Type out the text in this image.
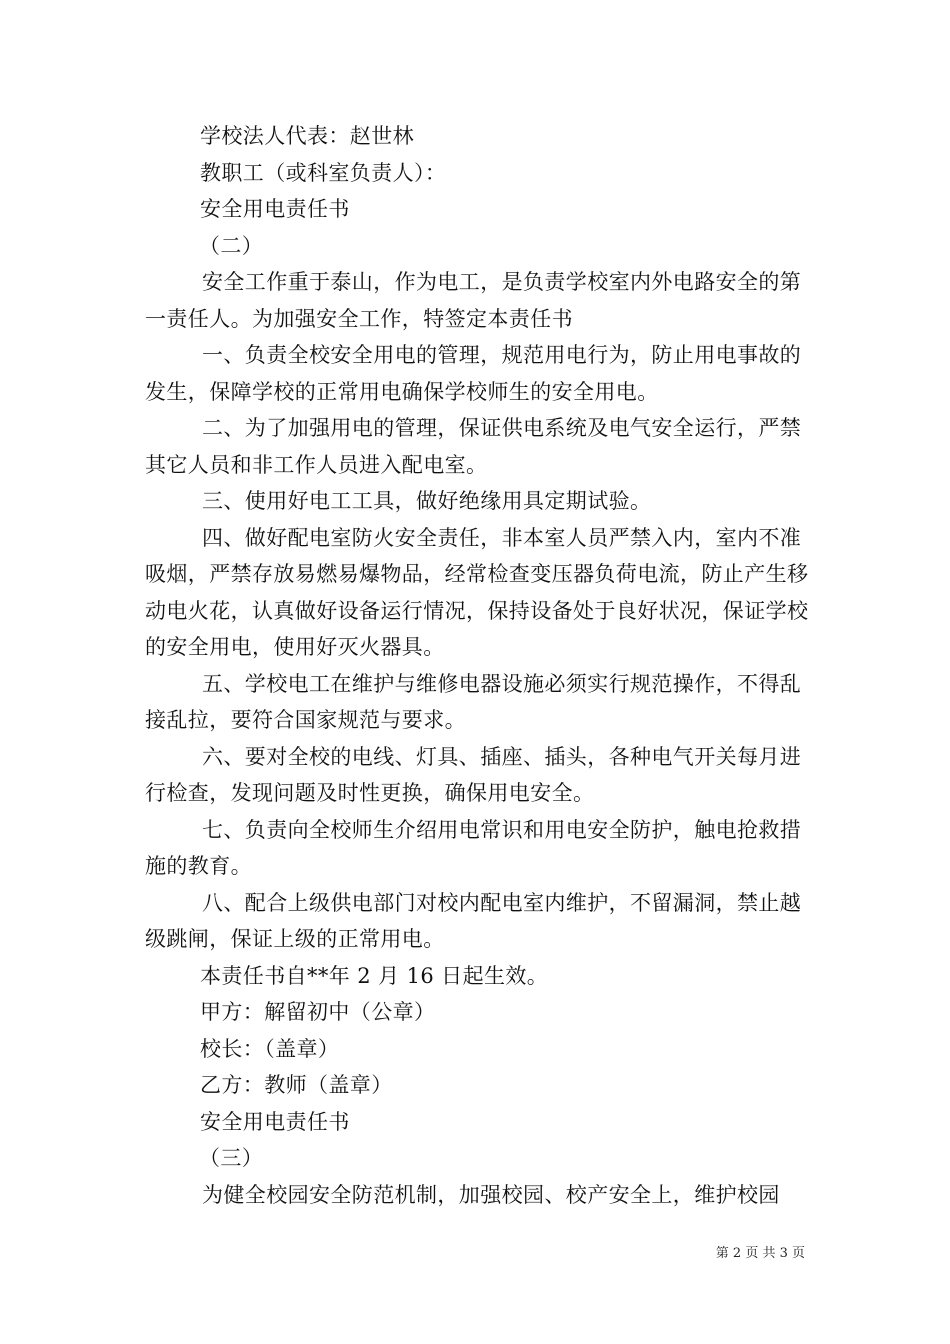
学校法人代表：赵世林

教职工（或科室负责人）：

安全用电责任书

（二）

安全工作重于泰山，作为电工，是负责学校室内外电路安全的第一责任人。为加强安全工作，特签定本责任书

一、负责全校安全用电的管理，规范用电行为，防止用电事故的发生，保障学校的正常用电确保学校师生的安全用电。

二、为了加强用电的管理，保证供电系统及电气安全运行，严禁其它人员和非工作人员进入配电室。

三、使用好电工工具，做好绝缘用具定期试验。

四、做好配电室防火安全责任，非本室人员严禁入内，室内不准吸烟，严禁存放易燃易爆物品，经常检查变压器负荷电流，防止产生移动电火花，认真做好设备运行情况，保持设备处于良好状况，保证学校的安全用电，使用好灭火器具。

五、学校电工在维护与维修电器设施必须实行规范操作，不得乱接乱拉，要符合国家规范与要求。

六、要对全校的电线、灯具、插座、插头，各种电气开关每月进行检查，发现问题及时性更换，确保用电安全。

七、负责向全校师生介绍用电常识和用电安全防护，触电抢救措施的教育。

八、配合上级供电部门对校内配电室内维护，不留漏洞，禁止越级跳闸，保证上级的正常用电。

本责任书自**年 2 月 16 日起生效。

甲方：解留初中（公章）

校长：（盖章）

乙方：教师（盖章）

安全用电责任书

（三）

为健全校园安全防范机制，加强校园、校产安全上，维护校园

第 2 页 共 3 页
